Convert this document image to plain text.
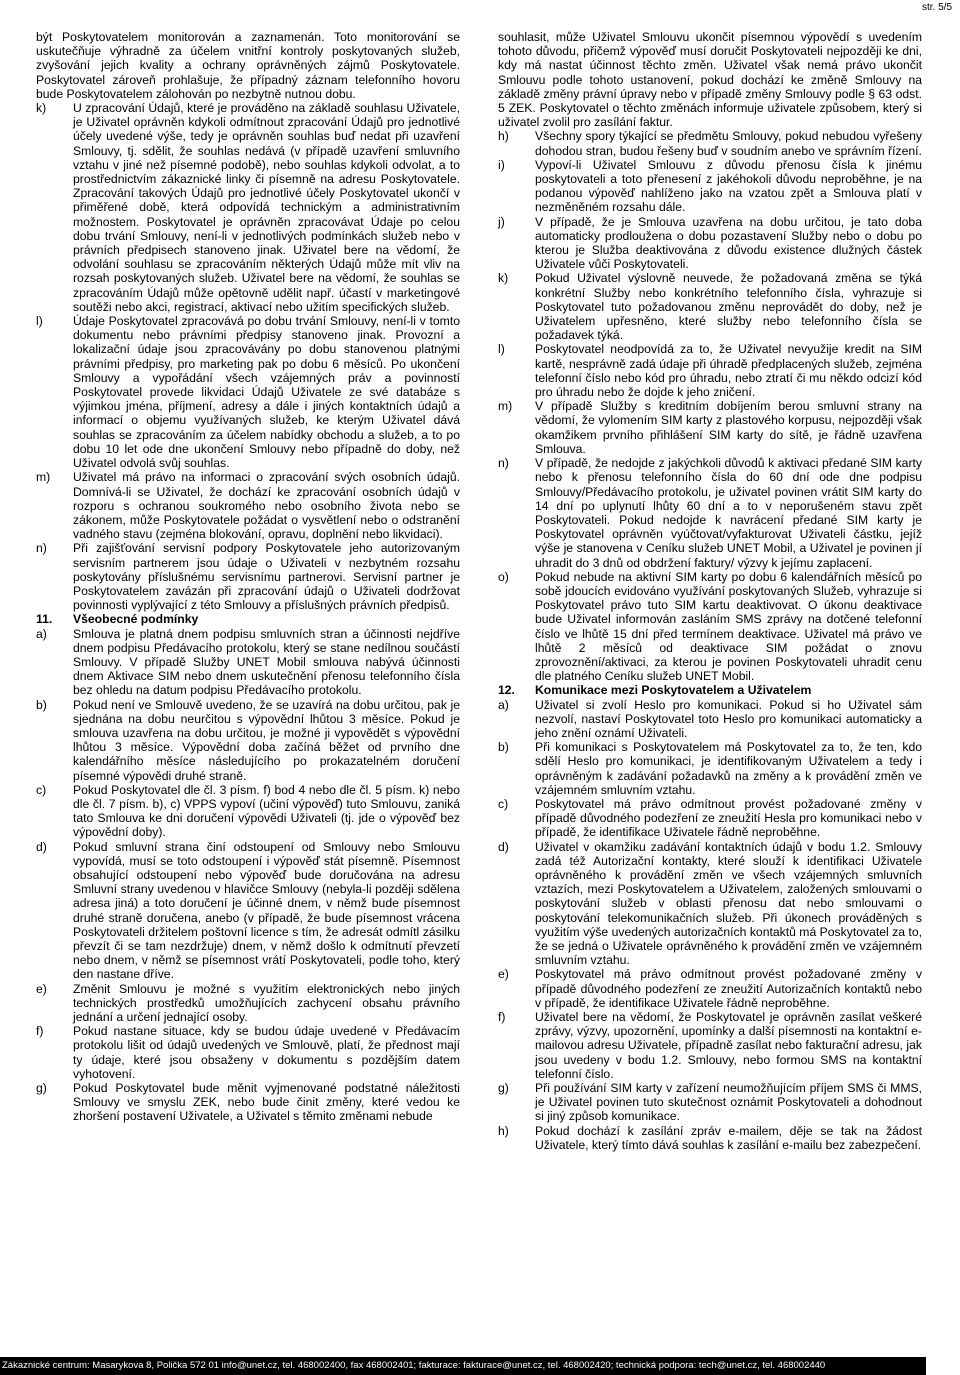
str. 5/5
být Poskytovatelem monitorován a zaznamenán. Toto monitorování se uskutečňuje výhradně za účelem vnitřní kontroly poskytovaných služeb, zvyšování jejich kvality a ochrany oprávněných zájmů Poskytovatele. Poskytovatel zároveň prohlašuje, že případný záznam telefonního hovoru bude Poskytovatelem zálohován po nezbytně nutnou dobu.
k) U zpracování Údajů, které je prováděno na základě souhlasu Uživatele, je Uživatel oprávněn kdykoli odmítnout zpracování Údajů pro jednotlivé účely uvedené výše, tedy je oprávněn souhlas buď nedat při uzavření Smlouvy, tj. sdělit, že souhlas nedává (v případě uzavření smluvního vztahu v jiné než písemné podobě), nebo souhlas kdykoli odvolat, a to prostřednictvím zákaznické linky či písemně na adresu Poskytovatele. Zpracování takových Údajů pro jednotlivé účely Poskytovatel ukončí v přiměřené době, která odpovídá technickým a administrativním možnostem. Poskytovatel je oprávněn zpracovávat Údaje po celou dobu trvání Smlouvy, není-li v jednotlivých podmínkách služeb nebo v právních předpisech stanoveno jinak. Uživatel bere na vědomí, že odvolání souhlasu se zpracováním některých Údajů může mít vliv na rozsah poskytovaných služeb. Uživatel bere na vědomí, že souhlas se zpracováním Údajů může opětovně udělit např. účastí v marketingové soutěži nebo akci, registrací, aktivací nebo užitím specifických služeb.
l) Údaje Poskytovatel zpracovává po dobu trvání Smlouvy, není-li v tomto dokumentu nebo právními předpisy stanoveno jinak. Provozní a lokalizační údaje jsou zpracovávány po dobu stanovenou platnými právními předpisy, pro marketing pak po dobu 6 měsíců. Po ukončení Smlouvy a vypořádání všech vzájemných práv a povinností Poskytovatel provede likvidaci Údajů Uživatele ze své databáze s výjimkou jména, příjmení, adresy a dále i jiných kontaktních údajů a informací o objemu využívaných služeb, ke kterým Uživatel dává souhlas se zpracováním za účelem nabídky obchodu a služeb, a to po dobu 10 let ode dne ukončení Smlouvy nebo případně do doby, než Uživatel odvolá svůj souhlas.
m) Uživatel má právo na informaci o zpracování svých osobních údajů. Domnívá-li se Uživatel, že dochází ke zpracování osobních údajů v rozporu s ochranou soukromého nebo osobního života nebo se zákonem, může Poskytovatele požádat o vysvětlení nebo o odstranění vadného stavu (zejména blokování, opravu, doplnění nebo likvidaci).
n) Při zajišťování servisní podpory Poskytovatele jeho autorizovaným servisním partnerem jsou údaje o Uživateli v nezbytném rozsahu poskytovány příslušnému servisnímu partnerovi. Servisní partner je Poskytovatelem zavázán při zpracování údajů o Uživateli dodržovat povinnosti vyplývající z této Smlouvy a příslušných právních předpisů.
11. Všeobecné podmínky
a) Smlouva je platná dnem podpisu smluvních stran a účinnosti nejdříve dnem podpisu Předávacího protokolu, který se stane nedílnou součástí Smlouvy. V případě Služby UNET Mobil smlouva nabývá účinnosti dnem Aktivace SIM nebo dnem uskutečnění přenosu telefonního čísla bez ohledu na datum podpisu Předávacího protokolu.
b) Pokud není ve Smlouvě uvedeno, že se uzavírá na dobu určitou, pak je sjednána na dobu neurčitou s výpovědní lhůtou 3 měsíce. Pokud je smlouva uzavřena na dobu určitou, je možné ji vypovědět s výpovědní lhůtou 3 měsíce. Výpovědní doba začíná běžet od prvního dne kalendářního měsíce následujícího po prokazatelném doručení písemné výpovědi druhé straně.
c) Pokud Poskytovatel dle čl. 3 písm. f) bod 4 nebo dle čl. 5 písm. k) nebo dle čl. 7 písm. b), c) VPPS vypoví (učiní výpověď) tuto Smlouvu, zaniká tato Smlouva ke dni doručení výpovědi Uživateli (tj. jde o výpověď bez výpovědní doby).
d) Pokud smluvní strana činí odstoupení od Smlouvy nebo Smlouvu vypovídá, musí se toto odstoupení i výpověď stát písemně. Písemnost obsahující odstoupení nebo výpověď bude doručována na adresu Smluvní strany uvedenou v hlavičce Smlouvy (nebyla-li později sdělena adresa jiná) a toto doručení je účinné dnem, v němž bude písemnost druhé straně doručena, anebo (v případě, že bude písemnost vrácena Poskytovateli držitelem poštovní licence s tím, že adresát odmítl zásilku převzít či se tam nezdržuje) dnem, v němž došlo k odmítnutí převzetí nebo dnem, v němž se písemnost vrátí Poskytovateli, podle toho, který den nastane dříve.
e) Změnit Smlouvu je možné s využitím elektronických nebo jiných technických prostředků umožňujících zachycení obsahu právního jednání a určení jednající osoby.
f) Pokud nastane situace, kdy se budou údaje uvedené v Předávacím protokolu lišit od údajů uvedených ve Smlouvě, platí, že přednost mají ty údaje, které jsou obsaženy v dokumentu s pozdějším datem vyhotovení.
g) Pokud Poskytovatel bude měnit vyjmenované podstatné náležitosti Smlouvy ve smyslu ZEK, nebo bude činit změny, které vedou ke zhoršení postavení Uživatele, a Uživatel s těmito změnami nebude
souhlasit, může Uživatel Smlouvu ukončit písemnou výpovědí s uvedením tohoto důvodu, přičemž výpověď musí doručit Poskytovateli nejpozději ke dni, kdy má nastat účinnost těchto změn. Uživatel však nemá právo ukončit Smlouvu podle tohoto ustanovení, pokud dochází ke změně Smlouvy na základě změny právní úpravy nebo v případě změny Smlouvy podle § 63 odst. 5 ZEK. Poskytovatel o těchto změnách informuje uživatele způsobem, který si uživatel zvolil pro zasílání faktur.
h) Všechny spory týkající se předmětu Smlouvy, pokud nebudou vyřešeny dohodou stran, budou řešeny buď v soudním anebo ve správním řízení.
i) Vypoví-li Uživatel Smlouvu z důvodu přenosu čísla k jinému poskytovateli a toto přenesení z jakéhokoli důvodu neproběhne, je na podanou výpověď nahlíženo jako na vzatou zpět a Smlouva platí v nezměněném rozsahu dále.
j) V případě, že je Smlouva uzavřena na dobu určitou, je tato doba automaticky prodloužena o dobu pozastavení Služby nebo o dobu po kterou je Služba deaktivována z důvodu existence dlužných částek Uživatele vůči Poskytovateli.
k) Pokud Uživatel výslovně neuvede, že požadovaná změna se týká konkrétní Služby nebo konkrétního telefonního čísla, vyhrazuje si Poskytovatel tuto požadovanou změnu neprovádět do doby, než je Uživatelem upřesněno, které služby nebo telefonního čísla se požadavek týká.
l) Poskytovatel neodpovídá za to, že Uživatel nevyužije kredit na SIM kartě, nesprávně zadá údaje při úhradě předplacených služeb, zejména telefonní číslo nebo kód pro úhradu, nebo ztratí či mu někdo odcizí kód pro úhradu nebo že dojde k jeho zničení.
m) V případě Služby s kreditním dobíjením berou smluvní strany na vědomí, že vylomením SIM karty z plastového korpusu, nejpozději však okamžikem prvního přihlášení SIM karty do sítě, je řádně uzavřena Smlouva.
n) V případě, že nedojde z jakýchkoli důvodů k aktivaci předané SIM karty nebo k přenosu telefonního čísla do 60 dní ode dne podpisu Smlouvy/Předávacího protokolu, je uživatel povinen vrátit SIM karty do 14 dní po uplynutí lhůty 60 dní a to v neporušeném stavu zpět Poskytovateli. Pokud nedojde k navrácení předané SIM karty je Poskytovatel oprávněn vyúčtovat/vyfakturovat Uživateli částku, jejíž výše je stanovena v Ceníku služeb UNET Mobil, a Uživatel je povinen jí uhradit do 3 dnů od obdržení faktury/ výzvy k jejímu zaplacení.
o) Pokud nebude na aktivní SIM karty po dobu 6 kalendářních měsíců po sobě jdoucích evidováno využívání poskytovaných Služeb, vyhrazuje si Poskytovatel právo tuto SIM kartu deaktivovat. O úkonu deaktivace bude Uživatel informován zasláním SMS zprávy na dotčené telefonní číslo ve lhůtě 15 dní před termínem deaktivace. Uživatel má právo ve lhůtě 2 měsíců od deaktivace SIM požádat o znovu zprovoznění/aktivaci, za kterou je povinen Poskytovateli uhradit cenu dle platného Ceníku služeb UNET Mobil.
12. Komunikace mezi Poskytovatelem a Uživatelem
a) Uživatel si zvolí Heslo pro komunikaci. Pokud si ho Uživatel sám nezvolí, nastaví Poskytovatel toto Heslo pro komunikaci automaticky a jeho znění oznámí Uživateli.
b) Při komunikaci s Poskytovatelem má Poskytovatel za to, že ten, kdo sdělí Heslo pro komunikaci, je identifikovaným Uživatelem a tedy i oprávněným k zadávání požadavků na změny a k provádění změn ve vzájemném smluvním vztahu.
c) Poskytovatel má právo odmítnout provést požadované změny v případě důvodného podezření ze zneužití Hesla pro komunikaci nebo v případě, že identifikace Uživatele řádně neproběhne.
d) Uživatel v okamžiku zadávání kontaktních údajů v bodu 1.2. Smlouvy zadá též Autorizační kontakty, které slouží k identifikaci Uživatele oprávněného k provádění změn ve všech vzájemných smluvních vztazích, mezi Poskytovatelem a Uživatelem, založených smlouvami o poskytování služeb v oblasti přenosu dat nebo smlouvami o poskytování telekomunikačních služeb. Při úkonech prováděných s využitím výše uvedených autorizačních kontaktů má Poskytovatel za to, že se jedná o Uživatele oprávněného k provádění změn ve vzájemném smluvním vztahu.
e) Poskytovatel má právo odmítnout provést požadované změny v případě důvodného podezření ze zneužití Autorizačních kontaktů nebo v případě, že identifikace Uživatele řádně neproběhne.
f) Uživatel bere na vědomí, že Poskytovatel je oprávněn zasílat veškeré zprávy, výzvy, upozornění, upomínky a další písemnosti na kontaktní e-mailovou adresu Uživatele, případně zasílat nebo fakturační adresu, jak jsou uvedeny v bodu 1.2. Smlouvy, nebo formou SMS na kontaktní telefonní číslo.
g) Při používání SIM karty v zařízení neumožňujícím příjem SMS či MMS, je Uživatel povinen tuto skutečnost oznámit Poskytovateli a dohodnout si jiný způsob komunikace.
h) Pokud dochází k zasílání zpráv e-mailem, děje se tak na žádost Uživatele, který tímto dává souhlas k zasílání e-mailu bez zabezpečení.
Zákaznické centrum: Masarykova 8, Polička 572 01 info@unet.cz, tel. 468002400, fax 468002401; fakturace: fakturace@unet.cz, tel. 468002420; technická podpora: tech@unet.cz, tel. 468002440
